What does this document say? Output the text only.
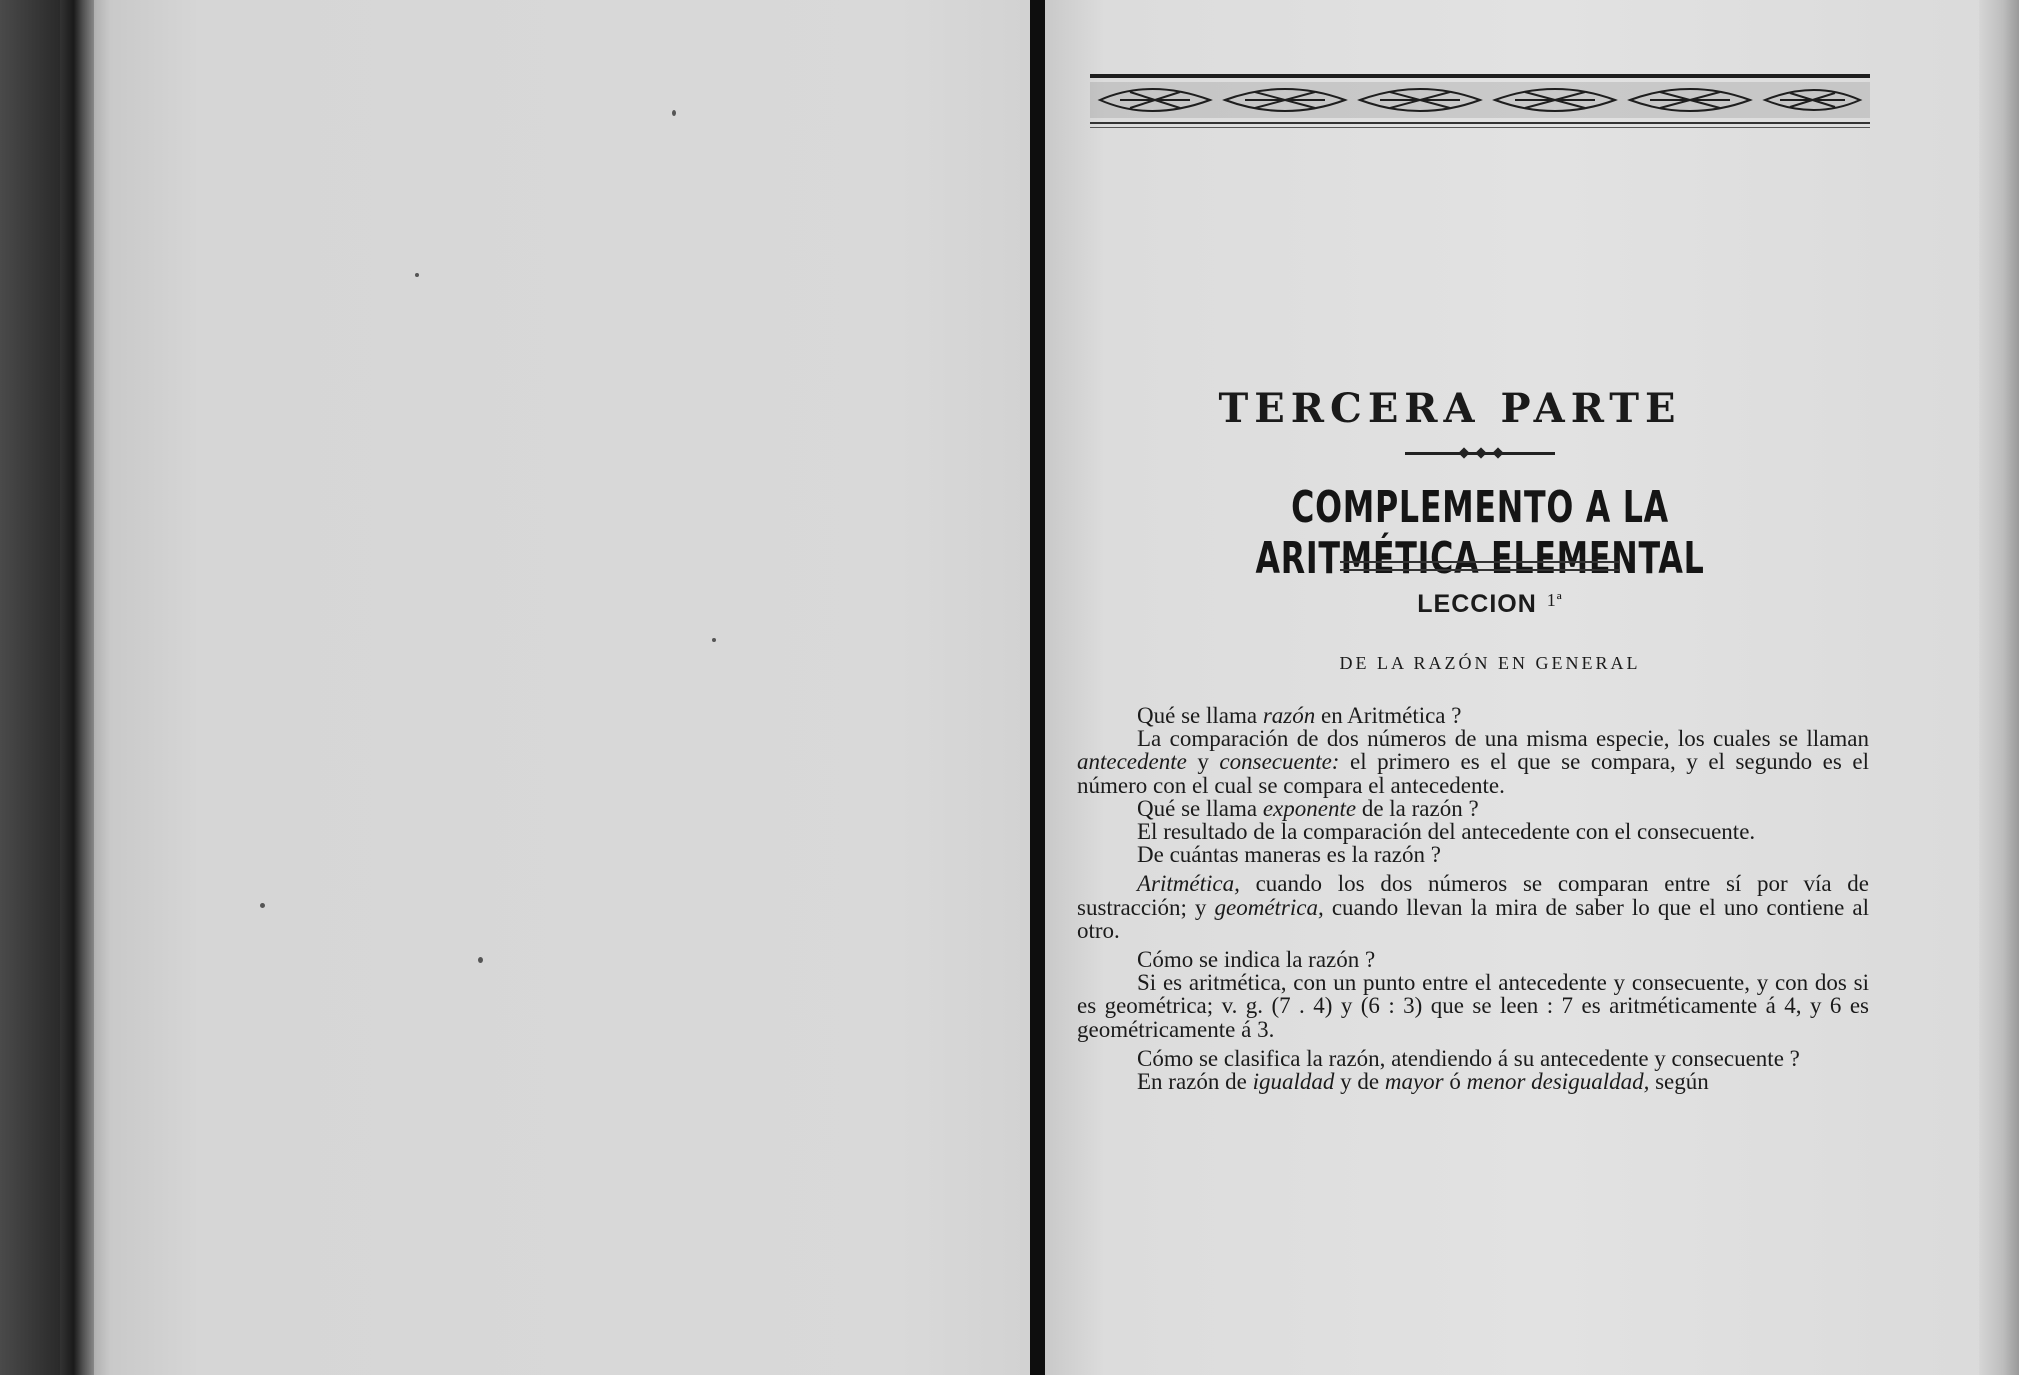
TERCERA PARTE
COMPLEMENTO A LA ARITMÉTICA ELEMENTAL
LECCION $^{1ª}$
DE LA RAZÓN EN GENERAL

Qué se llama razón en Aritmética ?

La comparación de dos números de una misma especie, los cuales se llaman antecedente y consecuente: el primero es el que se compara, y el segundo es el número con el cual se compara el antecedente.

Qué se llama exponente de la razón ?

El resultado de la comparación del antecedente con el consecuente.

De cuántas maneras es la razón ?

Aritmética, cuando los dos números se comparan entre sí por vía de sustracción; y geométrica, cuando llevan la mira de saber lo que el uno contiene al otro.

Cómo se indica la razón ?

Si es aritmética, con un punto entre el antecedente y consecuente, y con dos si es geométrica; v. g. (7 . 4) y (6 : 3) que se leen : 7 es aritméticamente á 4, y 6 es geométricamente á 3.

Cómo se clasifica la razón, atendiendo á su antecedente y consecuente ?

En razón de igualdad y de mayor ó menor desigualdad, según
